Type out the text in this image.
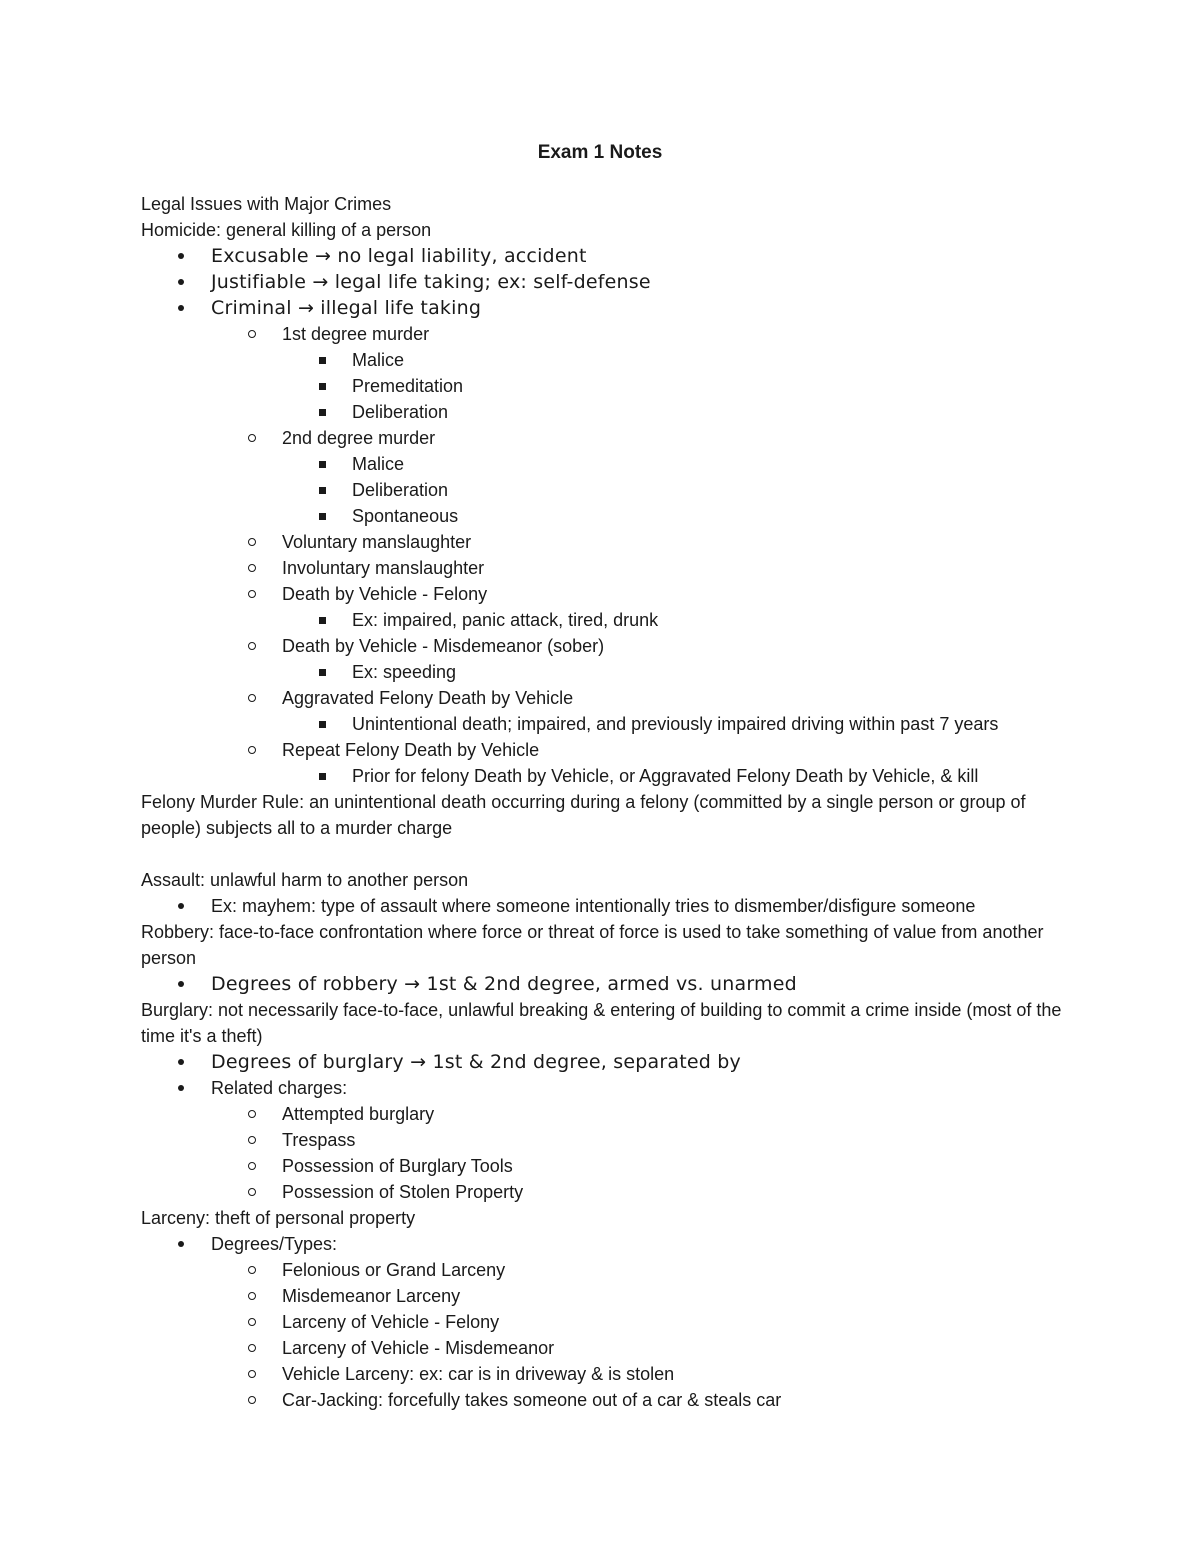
Exam 1 Notes
Legal Issues with Major Crimes
Homicide: general killing of a person
Excusable → no legal liability, accident
Justifiable → legal life taking; ex: self-defense
Criminal → illegal life taking
1st degree murder
Malice
Premeditation
Deliberation
2nd degree murder
Malice
Deliberation
Spontaneous
Voluntary manslaughter
Involuntary manslaughter
Death by Vehicle - Felony
Ex: impaired, panic attack, tired, drunk
Death by Vehicle - Misdemeanor (sober)
Ex: speeding
Aggravated Felony Death by Vehicle
Unintentional death; impaired, and previously impaired driving within past 7 years
Repeat Felony Death by Vehicle
Prior for felony Death by Vehicle, or Aggravated Felony Death by Vehicle, & kill
Felony Murder Rule: an unintentional death occurring during a felony (committed by a single person or group of people) subjects all to a murder charge
Assault: unlawful harm to another person
Ex: mayhem: type of assault where someone intentionally tries to dismember/disfigure someone
Robbery: face-to-face confrontation where force or threat of force is used to take something of value from another person
Degrees of robbery → 1st & 2nd degree, armed vs. unarmed
Burglary: not necessarily face-to-face, unlawful breaking & entering of building to commit a crime inside (most of the time it's a theft)
Degrees of burglary → 1st & 2nd degree, separated by
Related charges:
Attempted burglary
Trespass
Possession of Burglary Tools
Possession of Stolen Property
Larceny: theft of personal property
Degrees/Types:
Felonious or Grand Larceny
Misdemeanor Larceny
Larceny of Vehicle - Felony
Larceny of Vehicle - Misdemeanor
Vehicle Larceny: ex: car is in driveway & is stolen
Car-Jacking: forcefully takes someone out of a car & steals car
